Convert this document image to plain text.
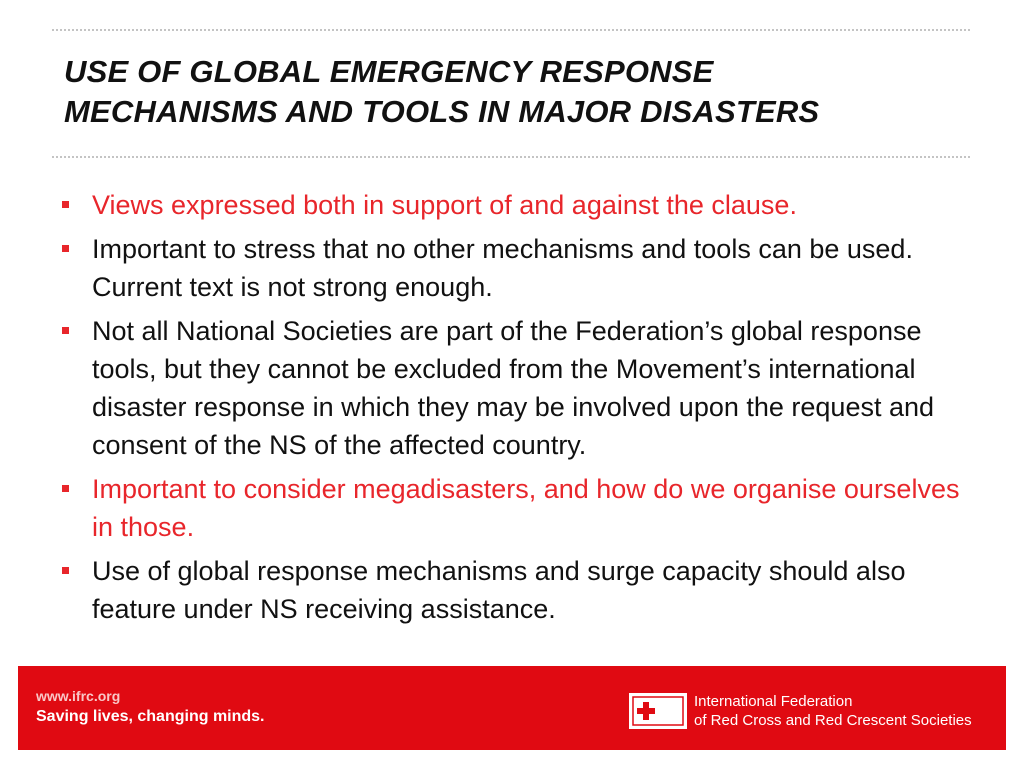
USE OF GLOBAL EMERGENCY RESPONSE
MECHANISMS AND TOOLS IN MAJOR DISASTERS
Views expressed both in support of and against the clause.
Important to stress that no other mechanisms and tools can be used. Current text is not strong enough.
Not all National Societies are part of the Federation’s global response tools, but they cannot be excluded from the Movement’s international disaster response in which they may be involved upon the request and consent of the NS of the affected country.
Important to consider megadisasters, and how do we organise ourselves in those.
Use of global response mechanisms and surge capacity should also feature under NS receiving assistance.

www.ifrc.org

Saving lives, changing minds.

International Federation

of Red Cross and Red Crescent Societies
